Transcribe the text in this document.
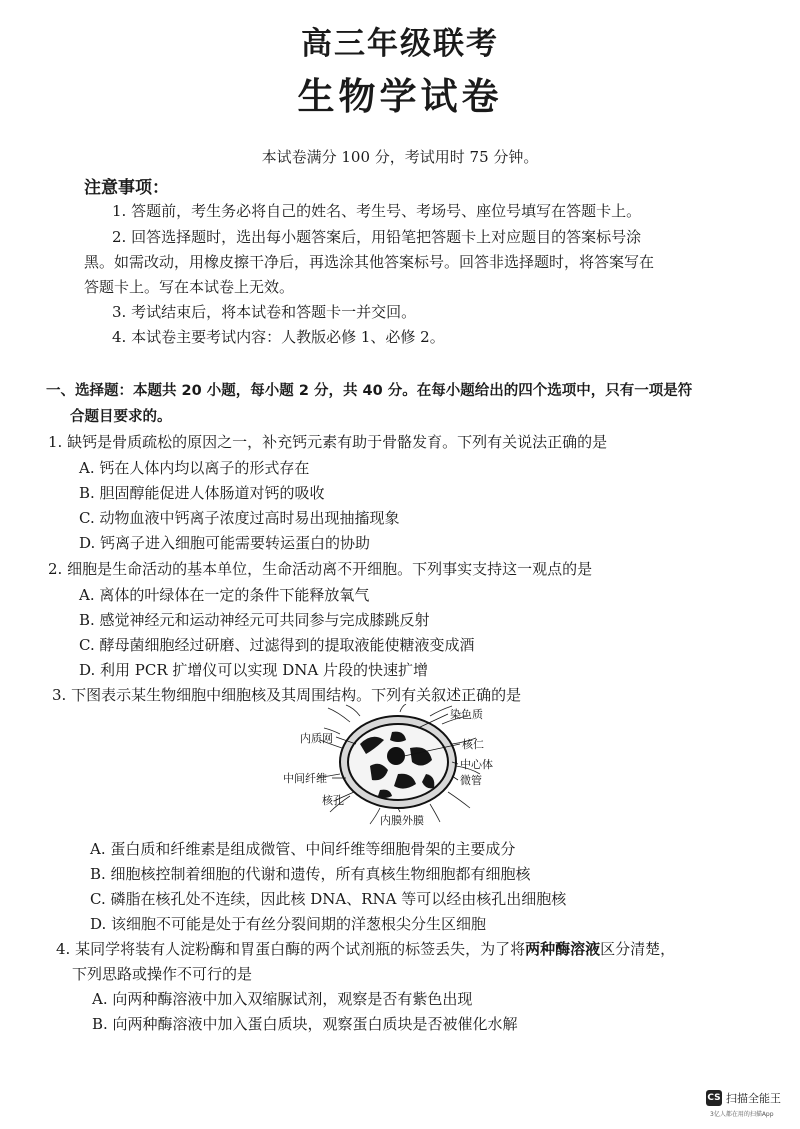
高三年级联考
生物学试卷
本试卷满分 100 分，考试用时 75 分钟。
注意事项：
1. 答题前，考生务必将自己的姓名、考生号、考场号、座位号填写在答题卡上。
2. 回答选择题时，选出每小题答案后，用铅笔把答题卡上对应题目的答案标号涂
黑。如需改动，用橡皮擦干净后，再选涂其他答案标号。回答非选择题时，将答案写在
答题卡上。写在本试卷上无效。
3. 考试结束后，将本试卷和答题卡一并交回。
4. 本试卷主要考试内容：人教版必修 1、必修 2。
一、选择题：本题共 20 小题，每小题 2 分，共 40 分。在每小题给出的四个选项中，只有一项是符
合题目要求的。
1. 缺钙是骨质疏松的原因之一，补充钙元素有助于骨骼发育。下列有关说法正确的是
A. 钙在人体内均以离子的形式存在
B. 胆固醇能促进人体肠道对钙的吸收
C. 动物血液中钙离子浓度过高时易出现抽搐现象
D. 钙离子进入细胞可能需要转运蛋白的协助
2. 细胞是生命活动的基本单位，生命活动离不开细胞。下列事实支持这一观点的是
A. 离体的叶绿体在一定的条件下能释放氧气
B. 感觉神经元和运动神经元可共同参与完成膝跳反射
C. 酵母菌细胞经过研磨、过滤得到的提取液能使糖液变成酒
D. 利用 PCR 扩增仪可以实现 DNA 片段的快速扩增
3. 下图表示某生物细胞中细胞核及其周围结构。下列有关叙述正确的是
染色质
内质网	核仁
中心体
微管
中间纤维
核孔
内膜外膜
A. 蛋白质和纤维素是组成微管、中间纤维等细胞骨架的主要成分
B. 细胞核控制着细胞的代谢和遗传，所有真核生物细胞都有细胞核
C. 磷脂在核孔处不连续，因此核 DNA、RNA 等可以经由核孔出细胞核
D. 该细胞不可能是处于有丝分裂间期的洋葱根尖分生区细胞
4. 某同学将装有人淀粉酶和胃蛋白酶的两个试剂瓶的标签丢失，为了将两种酶溶液区分清楚，
下列思路或操作不可行的是
A. 向两种酶溶液中加入双缩脲试剂，观察是否有紫色出现
B. 向两种酶溶液中加入蛋白质块，观察蛋白质块是否被催化水解
CS 扫描全能王
3亿人都在用的扫描App
